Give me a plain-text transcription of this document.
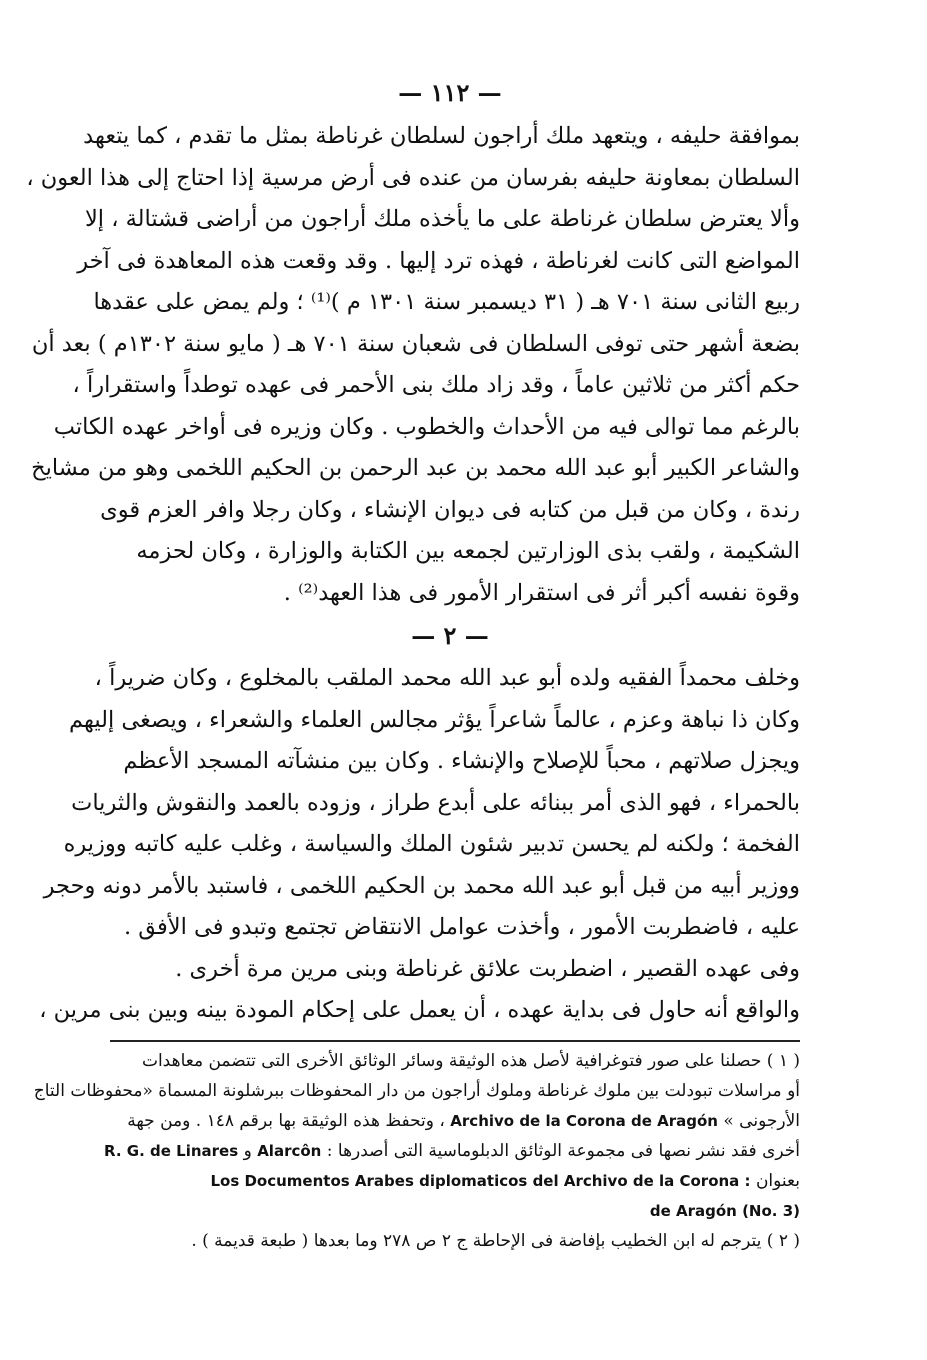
— ١١٢ —
بموافقة حليفه ، ويتعهد ملك أراجون لسلطان غرناطة بمثل ما تقدم ، كما يتعهد
السلطان بمعاونة حليفه بفرسان من عنده فى أرض مرسية إذا احتاج إلى هذا العون ،
وألا يعترض سلطان غرناطة على ما يأخذه ملك أراجون من أراضى قشتالة ، إلا
المواضع التى كانت لغرناطة ، فهذه ترد إليها . وقد وقعت هذه المعاهدة فى آخر
ربيع الثانى سنة ٧٠١ هـ ( ٣١ ديسمبر سنة ١٣٠١ م )⁽¹⁾ ؛ ولم يمض على عقدها
بضعة أشهر حتى توفى السلطان فى شعبان سنة ٧٠١ هـ ( مايو سنة ١٣٠٢م ) بعد أن
حكم أكثر من ثلاثين عاماً ، وقد زاد ملك بنى الأحمر فى عهده توطداً واستقراراً ،
بالرغم مما توالى فيه من الأحداث والخطوب . وكان وزيره فى أواخر عهده الكاتب
والشاعر الكبير أبو عبد الله محمد بن عبد الرحمن بن الحكيم اللخمى وهو من مشايخ
رندة ، وكان من قبل من كتابه فى ديوان الإنشاء ، وكان رجلا وافر العزم قوى
الشكيمة ، ولقب بذى الوزارتين لجمعه بين الكتابة والوزارة ، وكان لحزمه
وقوة نفسه أكبر أثر فى استقرار الأمور فى هذا العهد⁽²⁾ .
— ٢ —
وخلف محمداً الفقيه ولده أبو عبد الله محمد الملقب بالمخلوع ، وكان ضريراً ،
وكان ذا نباهة وعزم ، عالماً شاعراً يؤثر مجالس العلماء والشعراء ، ويصغى إليهم
ويجزل صلاتهم ، محباً للإصلاح والإنشاء . وكان بين منشآته المسجد الأعظم
بالحمراء ، فهو الذى أمر ببنائه على أبدع طراز ، وزوده بالعمد والنقوش والثريات
الفخمة ؛ ولكنه لم يحسن تدبير شئون الملك والسياسة ، وغلب عليه كاتبه ووزيره
ووزير أبيه من قبل أبو عبد الله محمد بن الحكيم اللخمى ، فاستبد بالأمر دونه وحجر
عليه ، فاضطربت الأمور ، وأخذت عوامل الانتقاض تجتمع وتبدو فى الأفق .
وفى عهده القصير ، اضطربت علائق غرناطة وبنى مرين مرة أخرى .
والواقع أنه حاول فى بداية عهده ، أن يعمل على إحكام المودة بينه وبين بنى مرين ،
( ١ ) حصلنا على صور فتوغرافية لأصل هذه الوثيقة وسائر الوثائق الأخرى التى تتضمن معاهدات
أو مراسلات تبودلت بين ملوك غرناطة وملوك أراجون من دار المحفوظات ببرشلونة المسماة «محفوظات التاج
الأرجونى » Archivo de la Corona de Aragón ، وتحفظ هذه الوثيقة بها برقم ١٤٨ . ومن جهة
أخرى فقد نشر نصها فى مجموعة الوثائق الدبلوماسية التى أصدرها : Alarcôn و R. G. de Linares
بعنوان Los Documentos Arabes diplomaticos del Archivo de la Corona :
de Aragón (No. 3)
( ٢ ) يترجم له ابن الخطيب بإفاضة فى الإحاطة ج ٢ ص ٢٧٨ وما بعدها ( طبعة قديمة ) .
